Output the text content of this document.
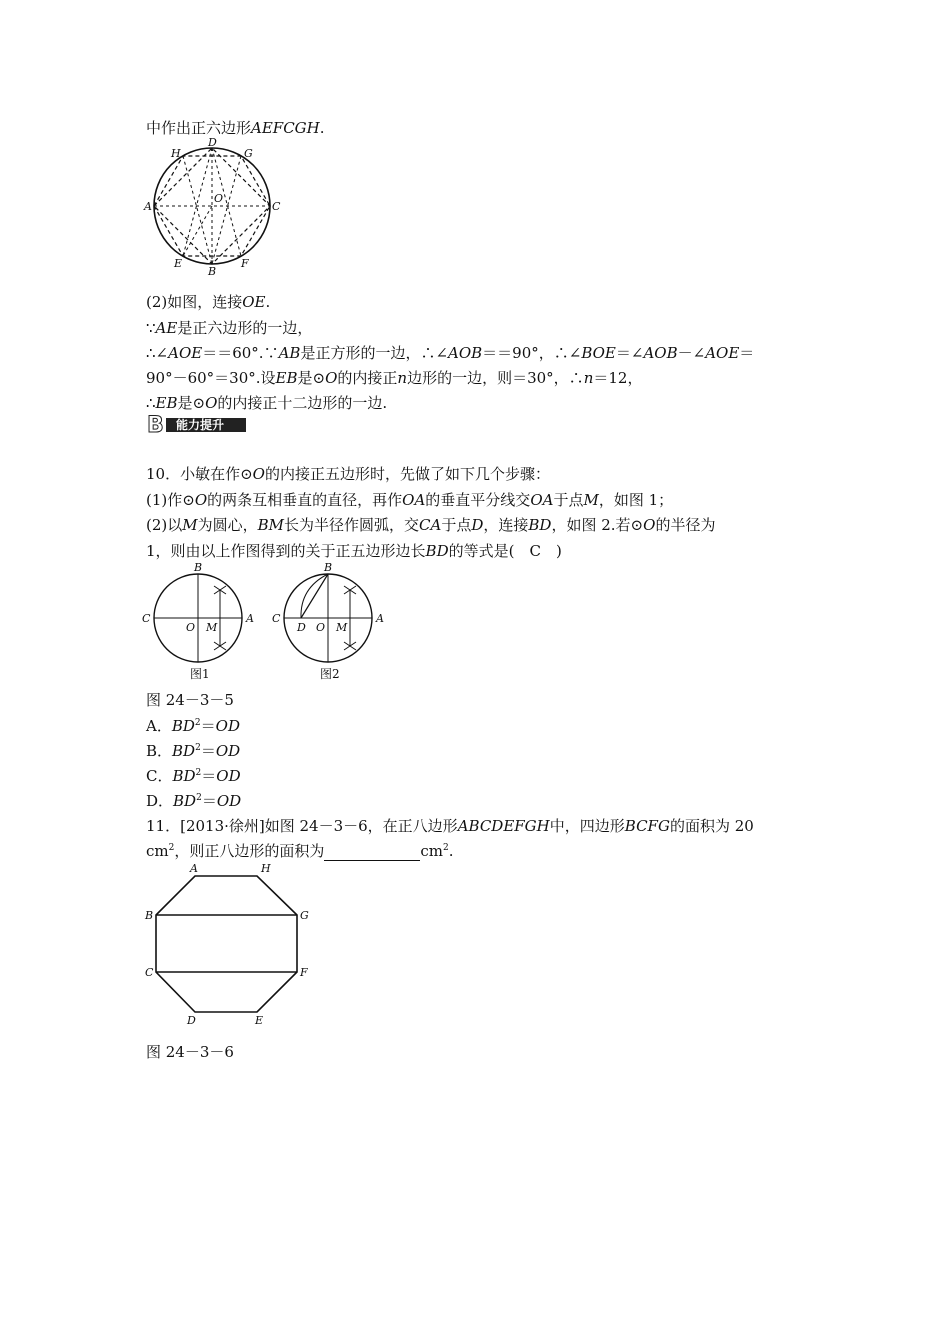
中作出正六边形AEFCGH.
H
D
G
A
O
C
E
B
F
(2)如图，连接OE.
∵AE是正六边形的一边，
∴∠AOE＝＝60°.∵AB是正方形的一边，∴∠AOB＝＝90°，∴∠BOE＝∠AOB－∠AOE＝
90°－60°＝30°.设EB是⊙O的内接正n边形的一边，则＝30°，∴n＝12，
∴EB是⊙O的内接正十二边形的一边.
B 能力提升
10．小敏在作⊙O的内接正五边形时，先做了如下几个步骤：
(1)作⊙O的两条互相垂直的直径，再作OA的垂直平分线交OA于点M，如图 1；
(2)以M为圆心，BM长为半径作圆弧，交CA于点D，连接BD，如图 2.若⊙O的半径为
1，则由以上作图得到的关于正五边形边长BD的等式是(　C　)
B
C
O M
A
图1
B
C
D O M
A
图2
图 24－3－5
A．$BD^2=OD$
B．$BD^2=OD$
C．$BD^2=OD$
D．$BD^2=OD$
11．[2013·徐州]如图 24－3－6，在正八边形ABCDEFGH中，四边形BCFG的面积为 20
$cm^2$，则正八边形的面积为	$cm^2$.
A	H
B	G
C	F
D	E
图 24－3－6
